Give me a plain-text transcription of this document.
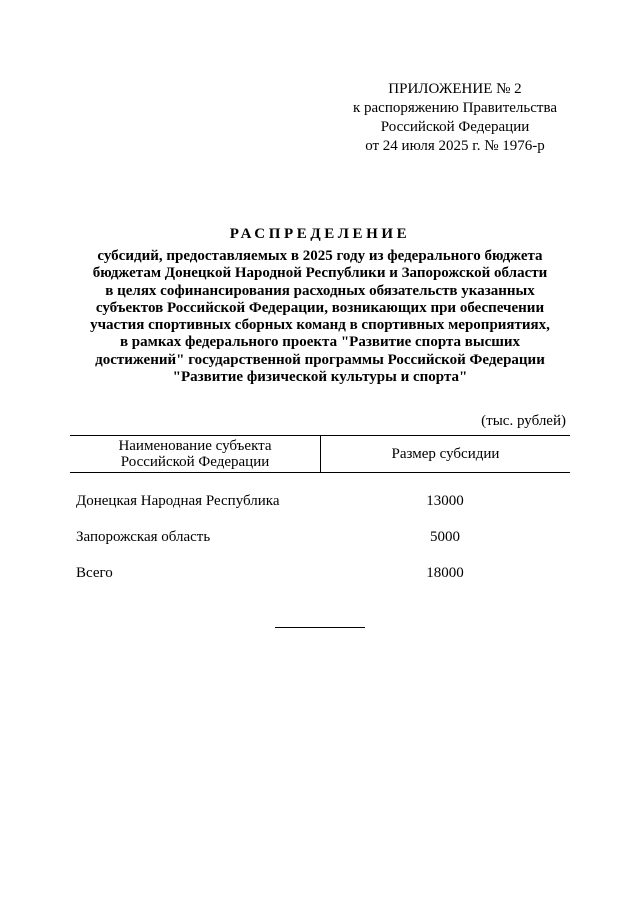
ПРИЛОЖЕНИЕ № 2
к распоряжению Правительства
Российской Федерации
от 24 июля 2025 г. № 1976-р
РАСПРЕДЕЛЕНИЕ
субсидий, предоставляемых в 2025 году из федерального бюджета
бюджетам Донецкой Народной Республики и Запорожской области
в целях софинансирования расходных обязательств указанных
субъектов Российской Федерации, возникающих при обеспечении
участия спортивных сборных команд в спортивных мероприятиях,
в рамках федерального проекта "Развитие спорта высших
достижений" государственной программы Российской Федерации
"Развитие физической культуры и спорта"
(тыс. рублей)
Наименование субъекта
Российской Федерации	Размер субсидии
Донецкая Народная Республика	13000
Запорожская область	5000
Всего	18000
